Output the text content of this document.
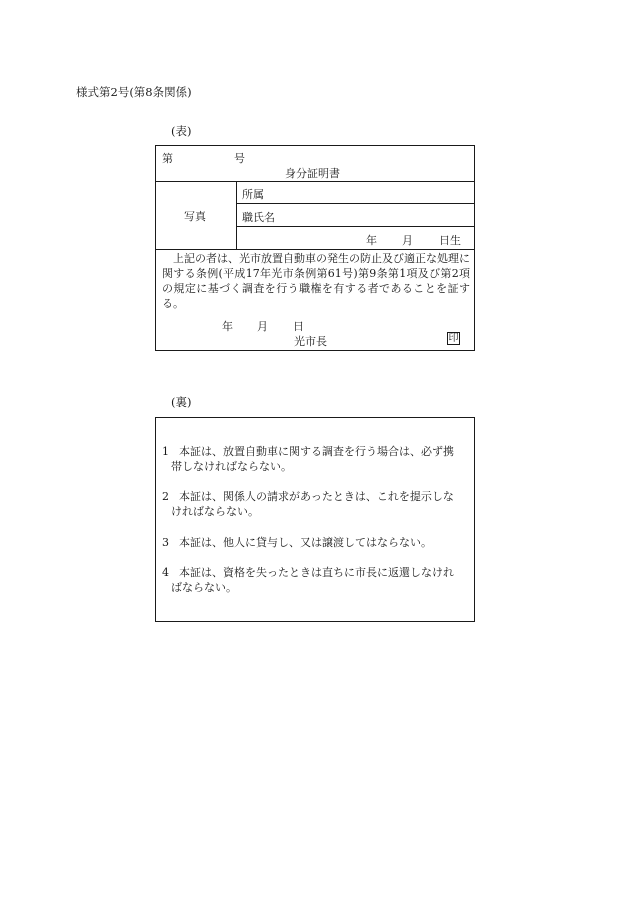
様式第2号(第8条関係)
(表)
第	号
身分証明書
写真
所属
職氏名
年 月 日生
上記の者は、光市放置自動車の発生の防止及び適正な処理に関する条例(平成17年光市条例第61号)第9条第1項及び第2項の規定に基づく調査を行う職権を有する者であることを証する。
年 月 日
光市長	印
(裏)
1 本証は、放置自動車に関する調査を行う場合は、必ず携
帯しなければならない。
2 本証は、関係人の請求があったときは、これを提示しな
ければならない。
3 本証は、他人に貸与し、又は譲渡してはならない。
4 本証は、資格を失ったときは直ちに市長に返還しなけれ
ばならない。
